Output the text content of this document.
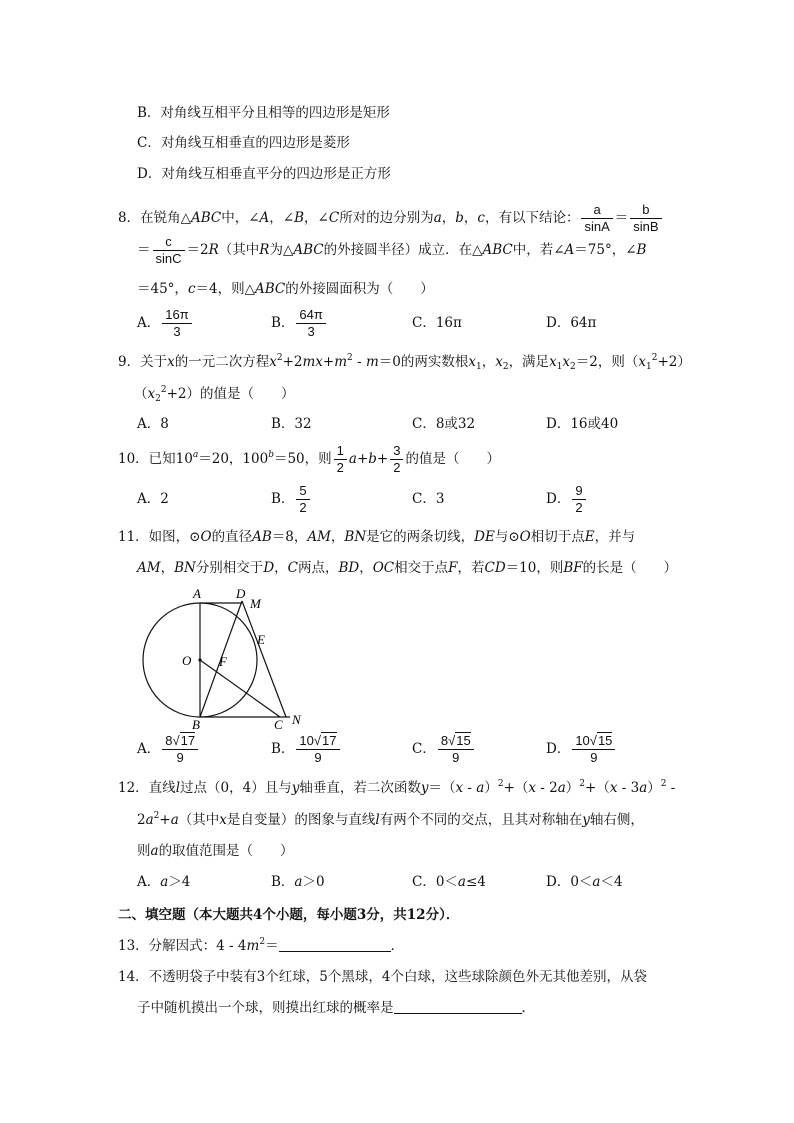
B．对角线互相平分且相等的四边形是矩形
C．对角线互相垂直的四边形是菱形
D．对角线互相垂直平分的四边形是正方形
8．在锐角△ABC中，∠A，∠B，∠C所对的边分别为a，b，c，有以下结论： $\frac{a}{\sin A} = \frac{b}{\sin B}$
＝ $\frac{c}{\sin C} =2R$（其中R为△ABC的外接圆半径）成立．在△ABC中，若∠A＝75°，∠B
＝45°，c＝4，则△ABC的外接圆面积为（　　）
A． $\frac{16\pi}{3}$	B． $\frac{64\pi}{3}$	C．16π	D．64π
9．关于x的一元二次方程$x^2+2mx+m^2 - m=0$的两实数根$x_1$，$x_2$，满足$x_1x_2=2$，则$(x_1^2+2)$
$(x_2^2+2)$的值是（　　）
A．8	B．32	C．8或32	D．16或40
10．已知$10^a=20$，$100^b=50$，则 $\frac{1}{2} a+b+ \frac{3}{2}$ 的值是（　　）
A．2	B． $\frac{5}{2}$	C．3	D． $\frac{9}{2}$
11．如图，⊙O的直径AB＝8，AM，BN是它的两条切线，DE与⊙O相切于点E，并与
AM，BN分别相交于D，C两点，BD，OC相交于点F，若CD＝10，则BF的长是（　　）
A	D
M
E
O F
B	C N
A． $\frac{8√17}{9}$	B． $\frac{10√17}{9}$	C． $\frac{8√15}{9}$	D． $\frac{10√15}{9}$
12．直线l过点（0，4）且与y轴垂直，若二次函数y＝（x - a）$^2$+（x - 2a）$^2$+（x - 3a）$^2$ -
$2a^2+a$（其中x是自变量）的图象与直线l有两个不同的交点，且其对称轴在y轴右侧，
则a的取值范围是（　　）
A．a＞4	B．a＞0	C．0＜a≤4	D．0＜a＜4
二、填空题（本大题共4个小题，每小题3分，共12分）．
13．分解因式：$4 - 4m^2=$	．
14．不透明袋子中装有3个红球，5个黑球，4个白球，这些球除颜色外无其他差别，从袋
子中随机摸出一个球，则摸出红球的概率是	．
